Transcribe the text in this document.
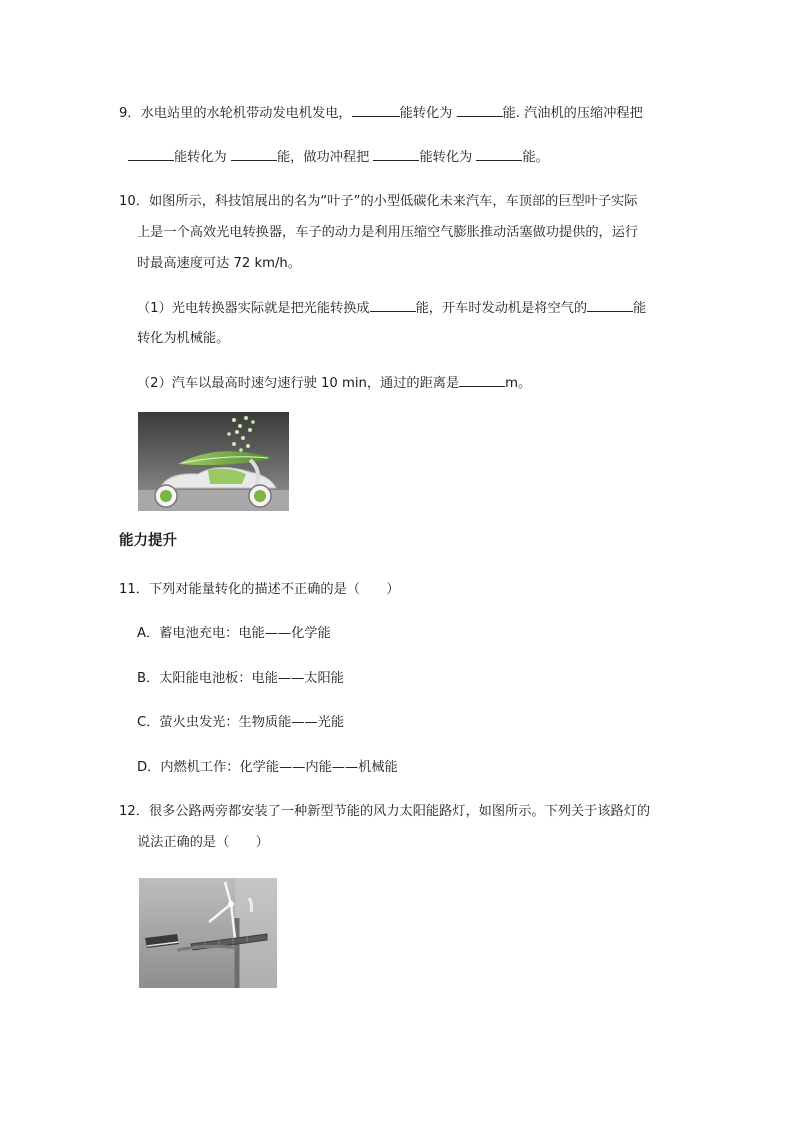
9．水电站里的水轮机带动发电机发电，	能转化为	能. 汽油机的压缩冲程把
能转化为	能，做功冲程把	能转化为	能。
10．如图所示，科技馆展出的名为“叶子”的小型低碳化未来汽车，车顶部的巨型叶子实际
上是一个高效光电转换器，车子的动力是利用压缩空气膨胀推动活塞做功提供的，运行
时最高速度可达 72 km/h。
（1）光电转换器实际就是把光能转换成	能，开车时发动机是将空气的	能
转化为机械能。
（2）汽车以最高时速匀速行驶 10 min，通过的距离是	m。
能力提升
11．下列对能量转化的描述不正确的是（　　）
A．蓄电池充电：电能——化学能
B．太阳能电池板：电能——太阳能
C．萤火虫发光：生物质能——光能
D．内燃机工作：化学能——内能——机械能
12．很多公路两旁都安装了一种新型节能的风力太阳能路灯，如图所示。下列关于该路灯的
说法正确的是（　　）
